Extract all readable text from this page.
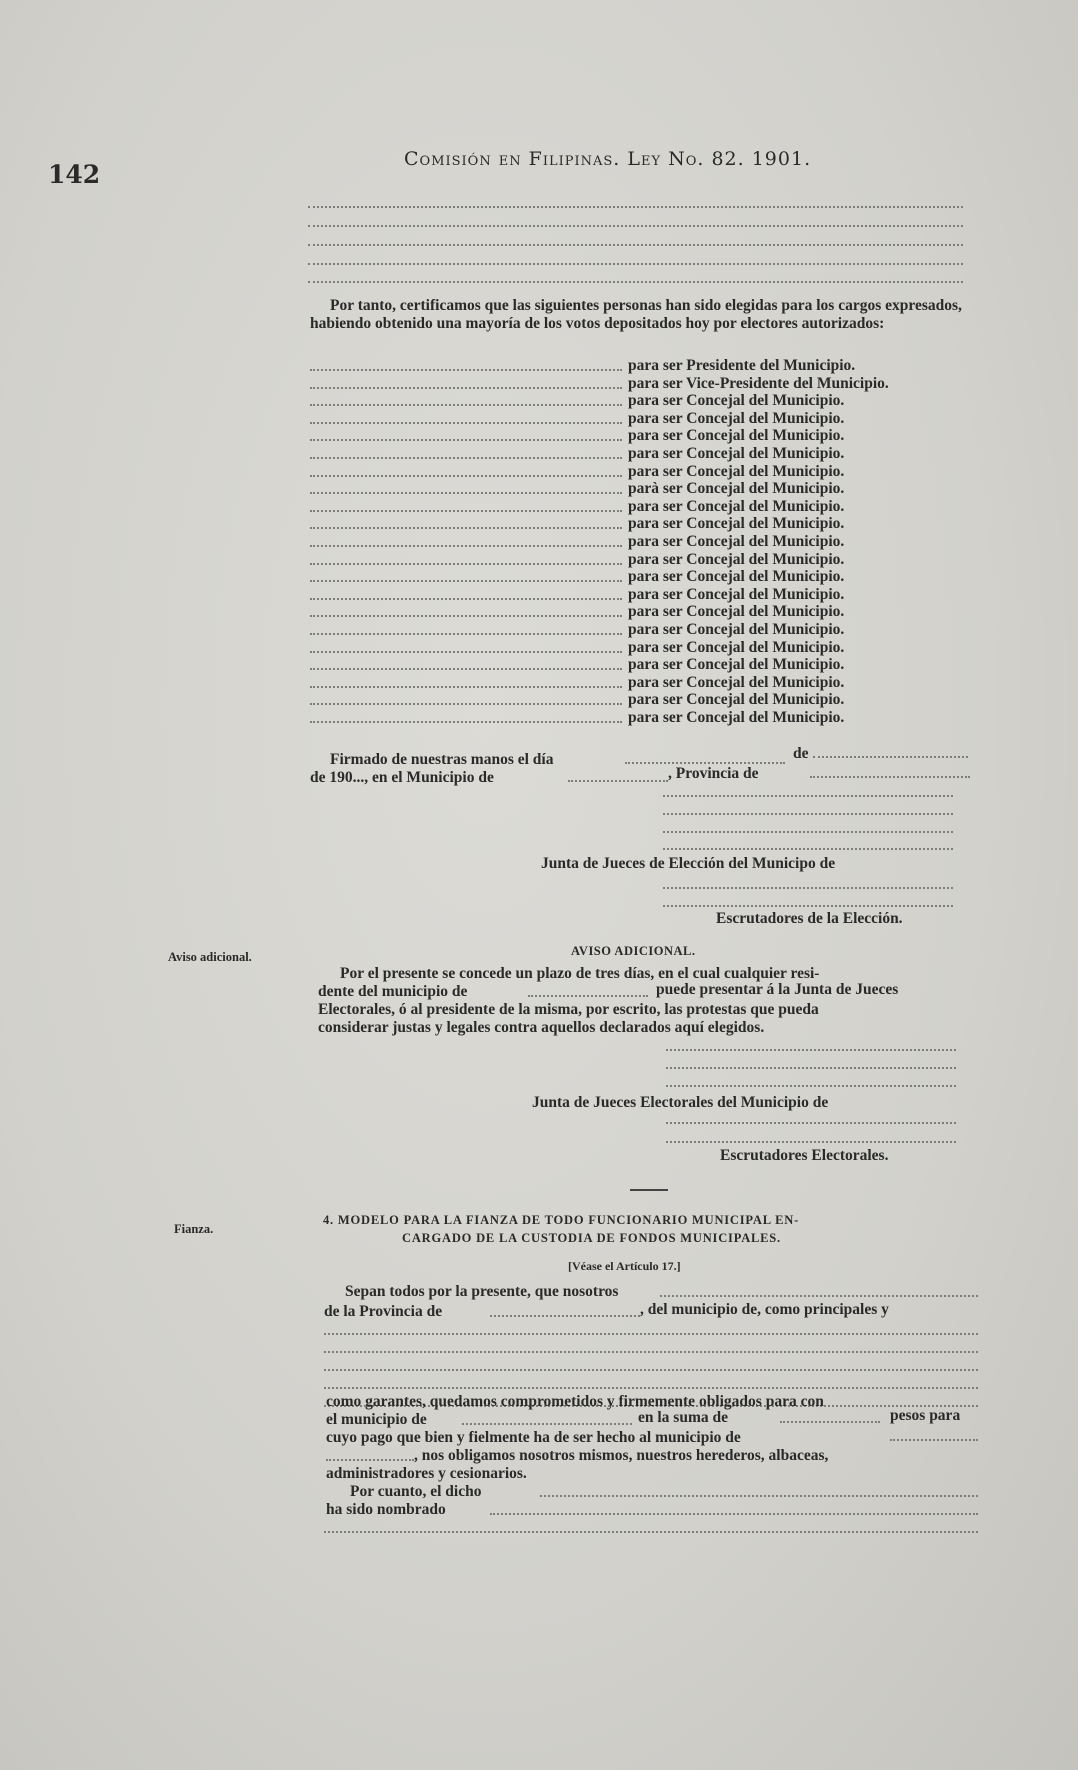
142
Comisión en Filipinas. Ley No. 82. 1901.
Por tanto, certificamos que las siguientes personas han sido elegidas para los cargos expresados, habiendo obtenido una mayoría de los votos depositados hoy por electores autorizados:
para ser Presidente del Municipio.
para ser Vice-Presidente del Municipio.
para ser Concejal del Municipio.
para ser Concejal del Municipio.
para ser Concejal del Municipio.
para ser Concejal del Municipio.
para ser Concejal del Municipio.
parà ser Concejal del Municipio.
para ser Concejal del Municipio.
para ser Concejal del Municipio.
para ser Concejal del Municipio.
para ser Concejal del Municipio.
para ser Concejal del Municipio.
para ser Concejal del Municipio.
para ser Concejal del Municipio.
para ser Concejal del Municipio.
para ser Concejal del Municipio.
para ser Concejal del Municipio.
para ser Concejal del Municipio.
para ser Concejal del Municipio.
para ser Concejal del Municipio.
Firmado de nuestras manos el día	de
de 190..., en el Municipio de	, Provincia de
Junta de Jueces de Elección del Municipo de
Escrutadores de la Elección.
Aviso adicional.	AVISO ADICIONAL.
Por el presente se concede un plazo de tres días, en el cual cualquier resi-
dente del municipio de	puede presentar á la Junta de Jueces
Electorales, ó al presidente de la misma, por escrito, las protestas que pueda
considerar justas y legales contra aquellos declarados aquí elegidos.
Junta de Jueces Electorales del Municipio de
Escrutadores Electorales.
Fianza.
4. MODELO PARA LA FIANZA DE TODO FUNCIONARIO MUNICIPAL EN-
CARGADO DE LA CUSTODIA DE FONDOS MUNICIPALES.
[Véase el Artículo 17.]
Sepan todos por la presente, que nosotros
de la Provincia de	, del municipio de, como principales y
como garantes, quedamos comprometidos y firmemente obligados para con
el municipio de	en la suma de	pesos para
cuyo pago que bien y fielmente ha de ser hecho al municipio de
, nos obligamos nosotros mismos, nuestros herederos, albaceas,
administradores y cesionarios.
Por cuanto, el dicho
ha sido nombrado
